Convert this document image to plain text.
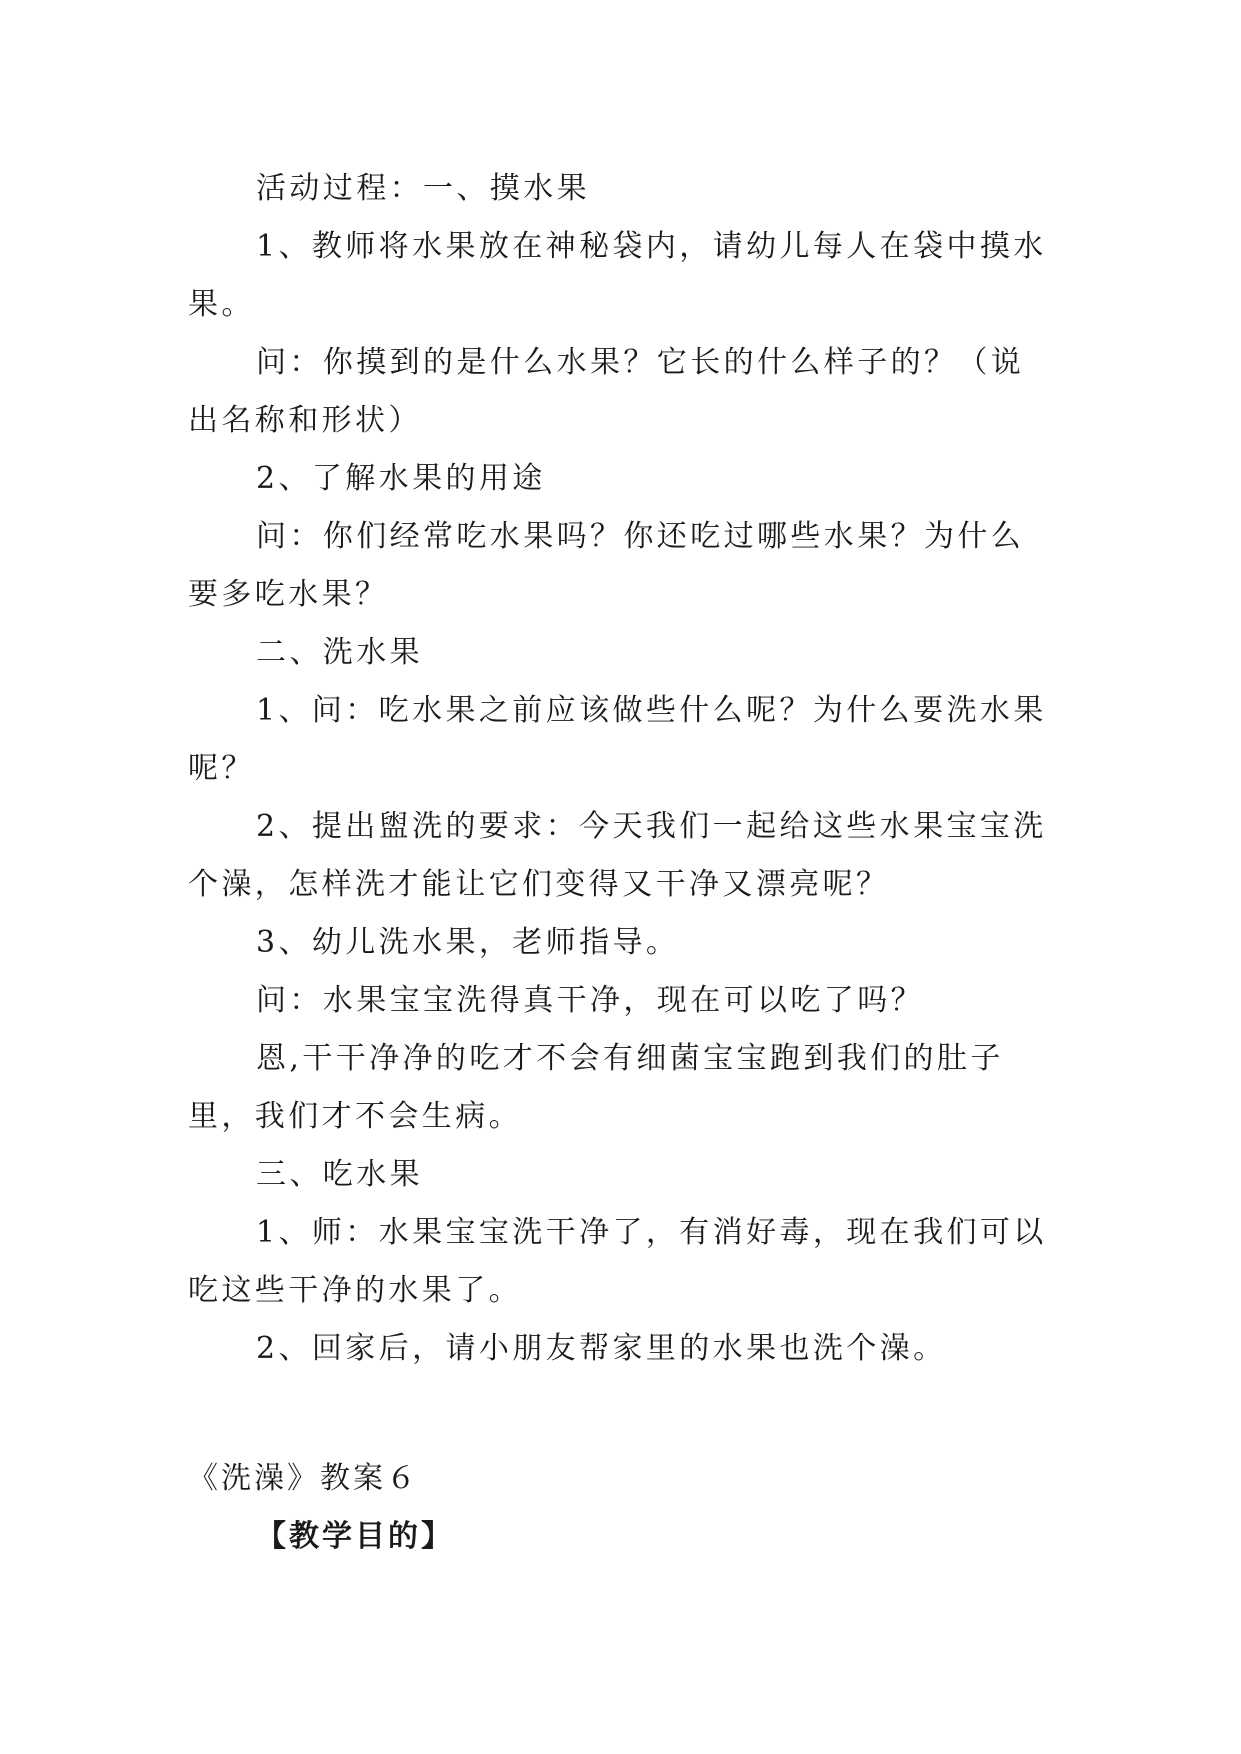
活动过程：一、摸水果

1、教师将水果放在神秘袋内，请幼儿每人在袋中摸水果。

问：你摸到的是什么水果？它长的什么样子的？（说出名称和形状）

2、了解水果的用途

问：你们经常吃水果吗？你还吃过哪些水果？为什么要多吃水果？

二、洗水果

1、问：吃水果之前应该做些什么呢？为什么要洗水果呢？

2、提出盥洗的要求：今天我们一起给这些水果宝宝洗个澡，怎样洗才能让它们变得又干净又漂亮呢？

3、幼儿洗水果，老师指导。

问：水果宝宝洗得真干净，现在可以吃了吗？

恩,干干净净的吃才不会有细菌宝宝跑到我们的肚子里，我们才不会生病。

三、吃水果

1、师：水果宝宝洗干净了，有消好毒，现在我们可以吃这些干净的水果了。

2、回家后，请小朋友帮家里的水果也洗个澡。

《洗澡》教案６

【教学目的】
